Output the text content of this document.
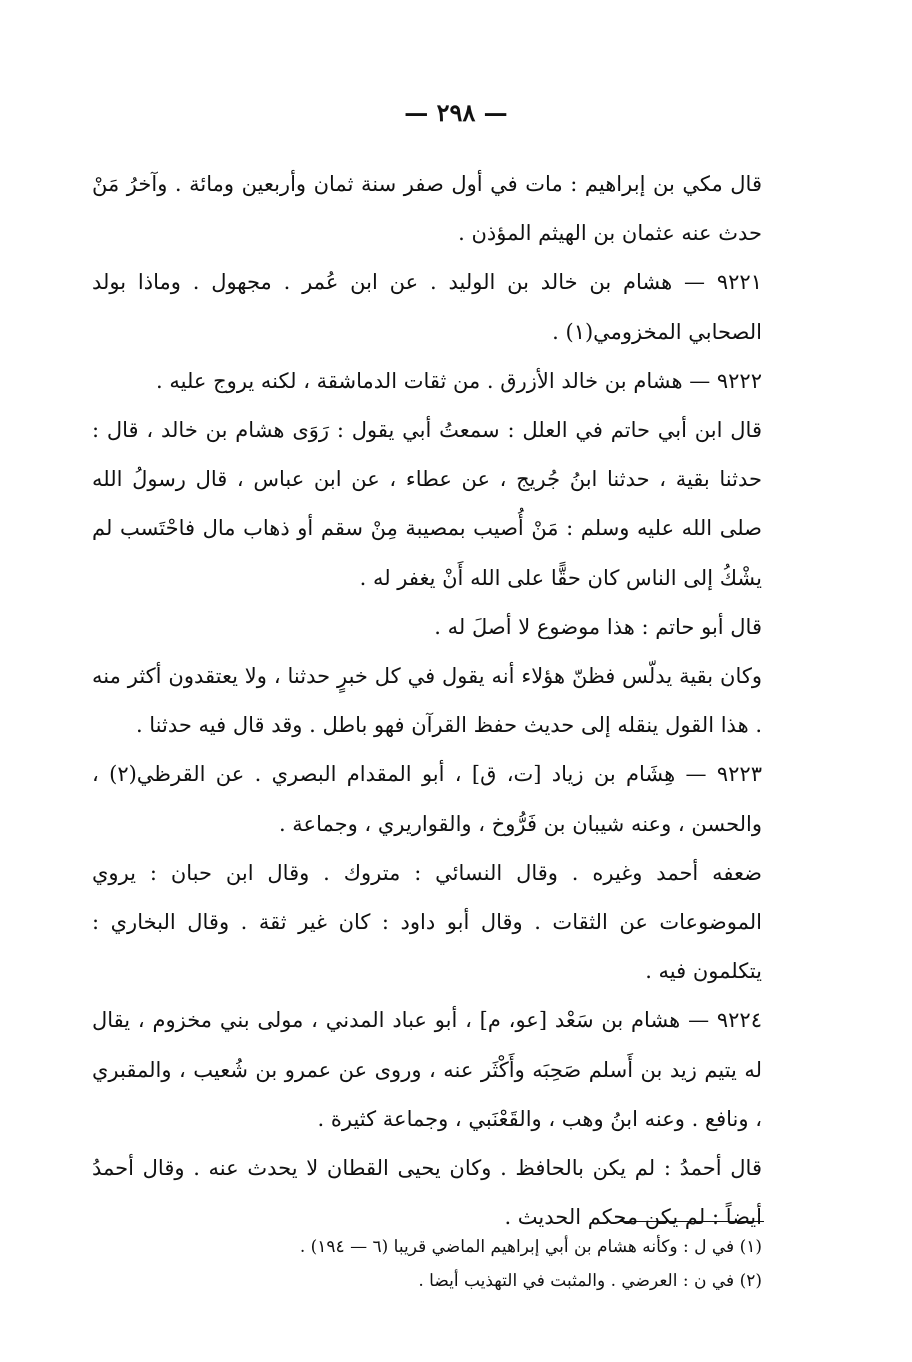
— ٢٩٨ —

قال مكي بن إبراهيم : مات في أول صفر سنة ثمان وأربعين ومائة . وآخرُ مَنْ حدث عنه عثمان بن الهيثم المؤذن .

٩٢٢١ — هشام بن خالد بن الوليد . عن ابن عُمر . مجهول . وماذا بولد الصحابي المخزومي(١) .

٩٢٢٢ — هشام بن خالد الأزرق . من ثقات الدماشقة ، لكنه يروج عليه .

قال ابن أبي حاتم في العلل : سمعتُ أبي يقول : رَوَى هشام بن خالد ، قال : حدثنا بقية ، حدثنا ابنُ جُريج ، عن عطاء ، عن ابن عباس ، قال رسولُ الله صلى الله عليه وسلم : مَنْ أُصيب بمصيبة مِنْ سقم أو ذهاب مال فاحْتَسب لم يشْكُ إلى الناس كان حقًّا على الله أَنْ يغفر له .

قال أبو حاتم : هذا موضوع لا أصلَ له .

وكان بقية يدلّس فظنّ هؤلاء أنه يقول في كل خبرٍ حدثنا ، ولا يعتقدون أكثر منه . هذا القول ينقله إلى حديث حفظ القرآن فهو باطل . وقد قال فيه حدثنا .

٩٢٢٣ — هِشَام بن زياد [ت، ق] ، أبو المقدام البصري . عن القرظي(٢) ، والحسن ، وعنه شيبان بن فَرُّوخ ، والقواريري ، وجماعة .

ضعفه أحمد وغيره . وقال النسائي : متروك . وقال ابن حبان : يروي الموضوعات عن الثقات . وقال أبو داود : كان غير ثقة . وقال البخاري : يتكلمون فيه .

٩٢٢٤ — هشام بن سَعْد [عو، م] ، أبو عباد المدني ، مولى بني مخزوم ، يقال له يتيم زيد بن أَسلم صَحِبَه وأَكْثَر عنه ، وروى عن عمرو بن شُعيب ، والمقبري ، ونافع . وعنه ابنُ وهب ، والقَعْنَبي ، وجماعة كثيرة .

قال أحمدُ : لم يكن بالحافظ . وكان يحيى القطان لا يحدث عنه . وقال أحمدُ أيضاً : لم يكن محكم الحديث .

(١) في ل : وكأنه هشام بن أبي إبراهيم الماضي قريبا (٦ — ١٩٤) .

(٢) في ن : العرضي . والمثبت في التهذيب أيضا .
